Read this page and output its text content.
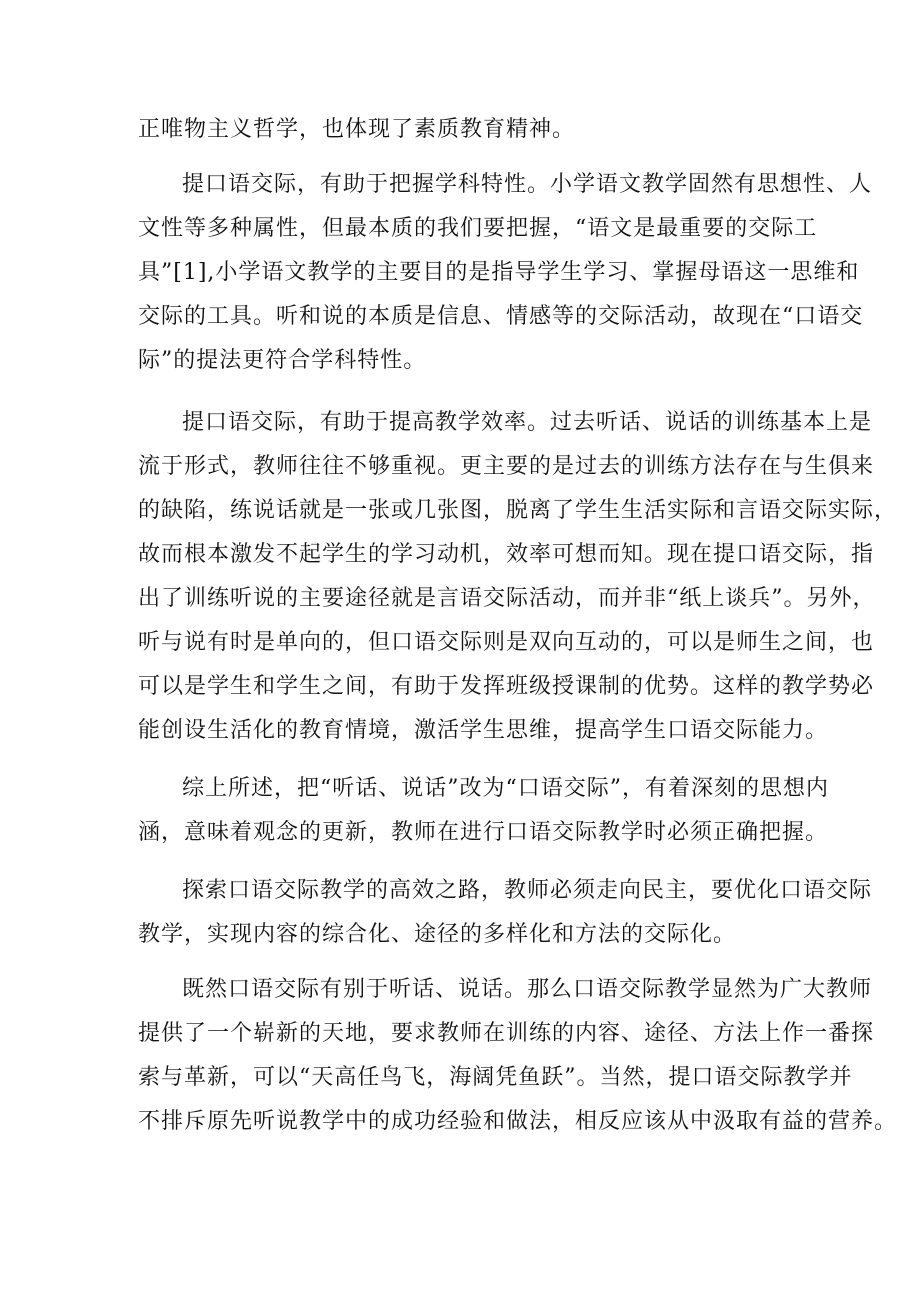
正唯物主义哲学，也体现了素质教育精神。
提口语交际，有助于把握学科特性。小学语文教学固然有思想性、人
文性等多种属性，但最本质的我们要把握，“语文是最重要的交际工
具”[1],小学语文教学的主要目的是指导学生学习、掌握母语这一思维和
交际的工具。听和说的本质是信息、情感等的交际活动，故现在“口语交
际”的提法更符合学科特性。
提口语交际，有助于提高教学效率。过去听话、说话的训练基本上是
流于形式，教师往往不够重视。更主要的是过去的训练方法存在与生俱来
的缺陷，练说话就是一张或几张图，脱离了学生生活实际和言语交际实际，
故而根本激发不起学生的学习动机，效率可想而知。现在提口语交际，指
出了训练听说的主要途径就是言语交际活动，而并非“纸上谈兵”。另外，
听与说有时是单向的，但口语交际则是双向互动的，可以是师生之间，也
可以是学生和学生之间，有助于发挥班级授课制的优势。这样的教学势必
能创设生活化的教育情境，激活学生思维，提高学生口语交际能力。
综上所述，把“听话、说话”改为“口语交际”，有着深刻的思想内
涵，意味着观念的更新，教师在进行口语交际教学时必须正确把握。
探索口语交际教学的高效之路，教师必须走向民主，要优化口语交际
教学，实现内容的综合化、途径的多样化和方法的交际化。
既然口语交际有别于听话、说话。那么口语交际教学显然为广大教师
提供了一个崭新的天地，要求教师在训练的内容、途径、方法上作一番探
索与革新，可以“天高任鸟飞，海阔凭鱼跃”。当然，提口语交际教学并
不排斥原先听说教学中的成功经验和做法，相反应该从中汲取有益的营养。
